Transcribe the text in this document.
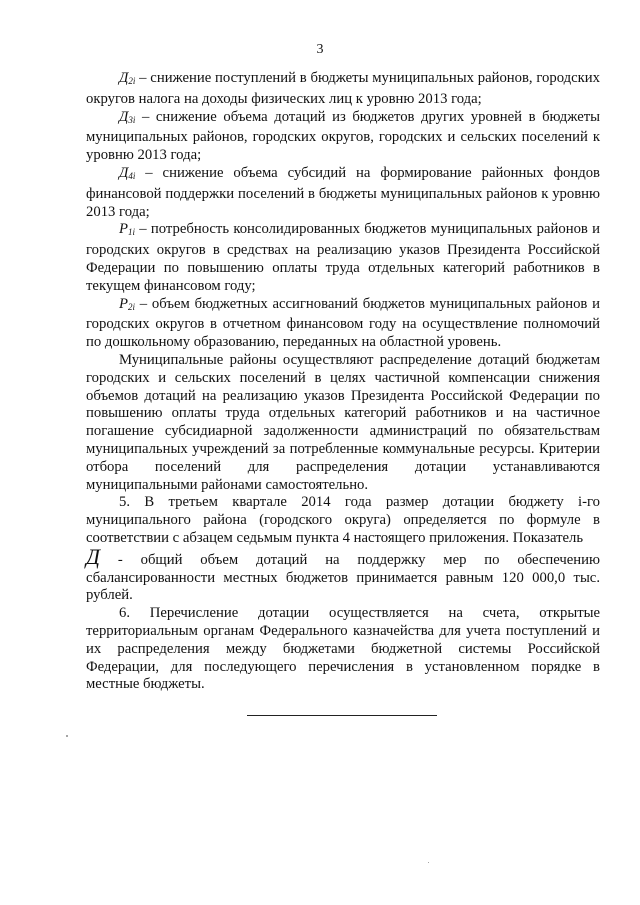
3

$Д_{2i}$ – снижение поступлений в бюджеты муниципальных районов, городских округов налога на доходы физических лиц к уровню 2013 года;

$Д_{3i}$ – снижение объема дотаций из бюджетов других уровней в бюджеты муниципальных районов, городских округов, городских и сельских поселений к уровню 2013 года;

$Д_{4i}$ – снижение объема субсидий на формирование районных фондов финансовой поддержки поселений в бюджеты муниципальных районов к уровню 2013 года;

$Р_{1i}$ – потребность консолидированных бюджетов муниципальных районов и городских округов в средствах на реализацию указов Президента Российской Федерации по повышению оплаты труда отдельных категорий работников в текущем финансовом году;

$Р_{2i}$ – объем бюджетных ассигнований бюджетов муниципальных районов и городских округов в отчетном финансовом году на осуществление полномочий по дошкольному образованию, переданных на областной уровень.

Муниципальные районы осуществляют распределение дотаций бюджетам городских и сельских поселений в целях частичной компенсации снижения объемов дотаций на реализацию указов Президента Российской Федерации по повышению оплаты труда отдельных категорий работников и на частичное погашение субсидиарной задолженности администраций по обязательствам муниципальных учреждений за потребленные коммунальные ресурсы. Критерии отбора поселений для распределения дотации устанавливаются муниципальными районами самостоятельно.

5. В третьем квартале 2014 года размер дотации бюджету i-го муниципального района (городского округа) определяется по формуле в соответствии с абзацем седьмым пункта 4 настоящего приложения. Показатель
Д - общий объем дотаций на поддержку мер по обеспечению сбалансированности местных бюджетов принимается равным 120 000,0 тыс. рублей.

6. Перечисление дотации осуществляется на счета, открытые территориальным органам Федерального казначейства для учета поступлений и их распределения между бюджетами бюджетной системы Российской Федерации, для последующего перечисления в установленном порядке в местные бюджеты.
